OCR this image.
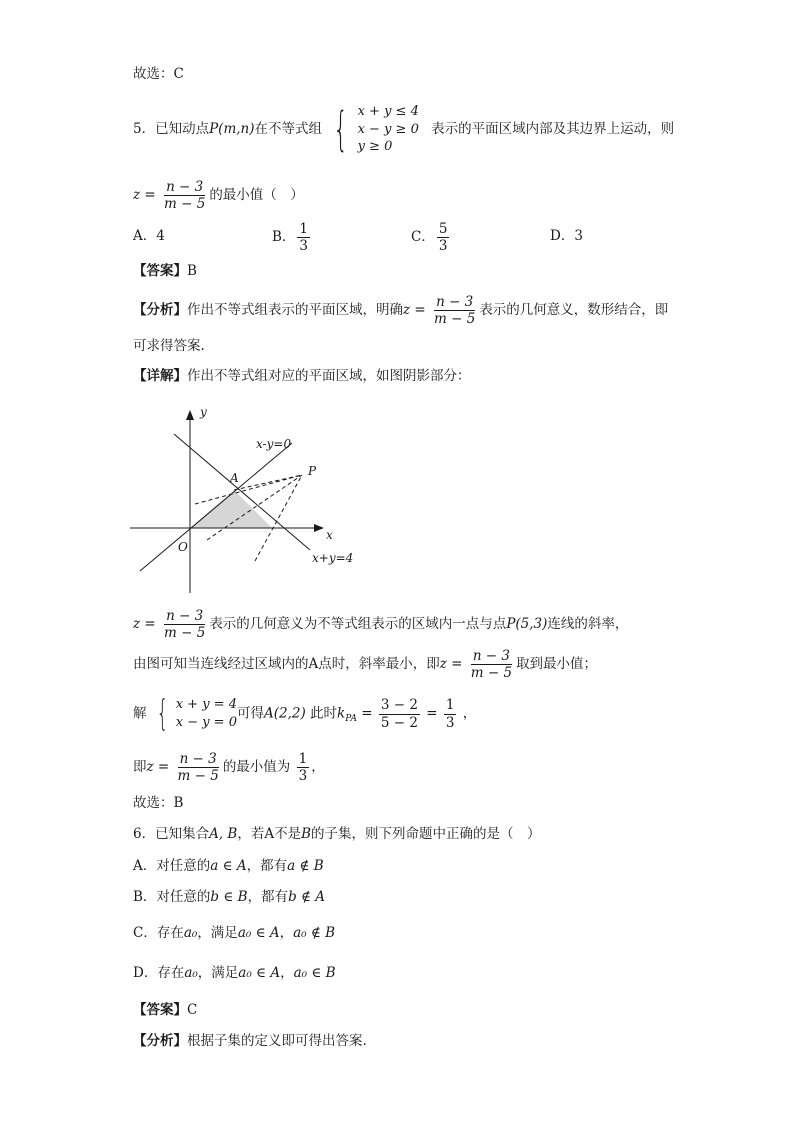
故选：C
5．已知动点P(m,n)在不等式组 { x + y ≤ 4
x − y ≥ 0
y ≥ 0
表示的平面区域内部及其边界上运动，则
$z = \frac{n - 3}{m - 5}$ 的最小值（　）
A．4	B． $\frac{1}{3}$	C． $\frac{5}{3}$	D．3
【答案】B
【分析】作出不等式组表示的平面区域，明确$z = \frac{n - 3}{m - 5}$ 表示的几何意义，数形结合，即
可求得答案.
【详解】作出不等式组对应的平面区域，如图阴影部分：
y
x
O
A	P
x-y=0
x+y=4
$z = \frac{n - 3}{m - 5}$ 表示的几何意义为不等式组表示的区域内一点与点P(5,3)连线的斜率，
由图可知当连线经过区域内的A点时，斜率最小，即$z = \frac{n - 3}{m - 5}$ 取到最小值；
解 { x + y = 4
x − y = 0
可得A(2,2) 此时$k_{PA} = \frac{3 - 2}{5 - 2} = \frac{1}{3}$ ，
即$z = \frac{n - 3}{m - 5}$ 的最小值为 $\frac{1}{3}$ ，
故选：B
6．已知集合A, B，若A不是B的子集，则下列命题中正确的是（　）
A．对任意的a ∈ A，都有a ∉ B
B．对任意的b ∈ B，都有b ∉ A
C．存在a₀，满足a₀ ∈ A，a₀ ∉ B
D．存在a₀，满足a₀ ∈ A，a₀ ∈ B
【答案】C
【分析】根据子集的定义即可得出答案.
